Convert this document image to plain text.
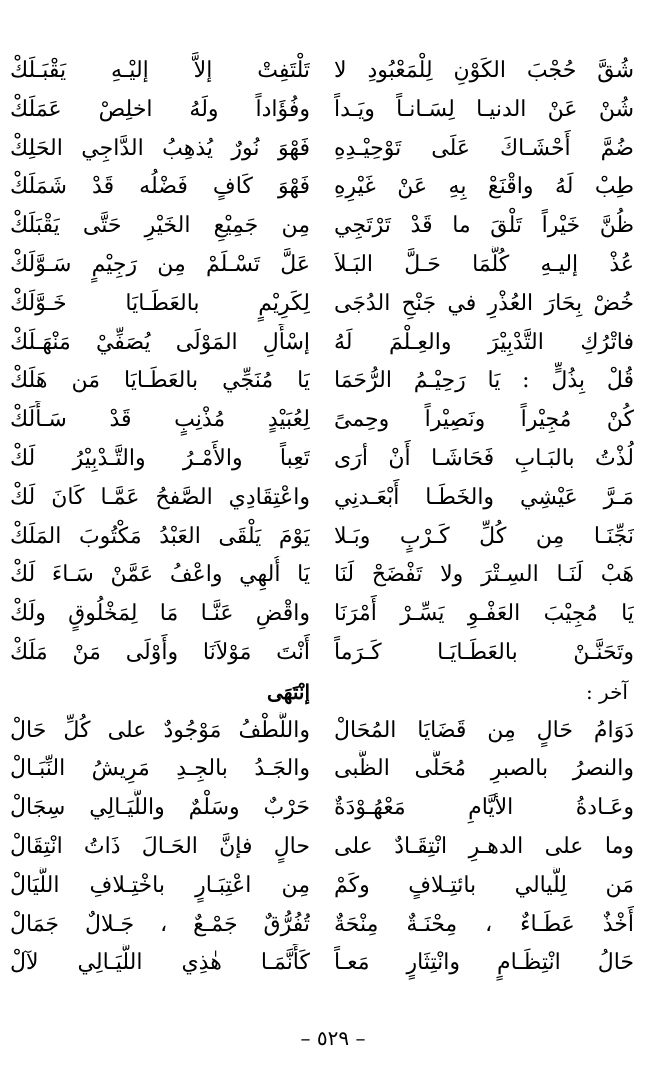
شُقَّ حُجْبَ الكَوْنِ لِلْمَعْبُودِ لا
شُنْ عَنْ الدنيـا لِسَـانـاً ويَـداً
ضُمَّ أَحْشَـاكَ عَلَى تَوْحِيْـدِهِ
طِبْ لَهُ واقْنَعْ بِهِ عَنْ غَيْرِهِ
ظُنَّ خَيْراً تَلْقَ ما قَدْ تَرْتَجِي
عُذْ إليـهِ كُلَّمَا حَـلَّ البَـلاَ
خُضْ بِحَارَ العُذْرِ في جَنْحِ الدُجَى
فاتْرُكِ التَّدْبِيْرَ والعِـلْمَ لَهُ
قُلْ بِذُلٍّ : يَا رَحِيْـمُ الرُّحَمَا
كُنْ مُجِيْراً ونَصِيْراً وحِمىً
لُذْتُ بالبَـابِ فَحَاشَـا أَنْ أرَى
مَـرَّ عَيْشِي والخَطَـا أَبْعَـدنِي
نَجِّنَـا مِن كُلِّ كَـرْبٍ وبَـلا
هَبْ لَنَـا السِـتْرَ ولا تَفْضَحْ لَنَا
يَا مُجِيْبَ العَفْـوِ يَسِّـرْ أَمْرَنَا
وتَحَنَّـنْ بالعَطَـايَـا كَـرَماً
آخر :
دَوَامُ حَالٍ مِن قَضَايَا المُحَالْ
والنصرُ بالصبرِ مُحَلَّى الظُّبى
وعَـادةُ الأيَّامِ مَعْهُـوْدَةٌ
وما على الدهـرِ انْتِقَـادٌ على
مَن لِلَّيالي بائتِـلافٍ وكَمْ
أَخْذٌ عَطَـاءٌ ، مِحْنَـةٌ مِنْحَةٌ
حَالُ انْتِظَـامٍ وانْتِثَارٍ مَعـاً
تَلْتَفِتْ إلاَّ إليْـهِ يَقْبَـلَكْ
وفُؤَاداً ولَهُ اخلِصْ عَمَلَكْ
فَهْوَ نُورٌ يُذهِبُ الدَّاجِي الحَلِكْ
فَهْوَ كَافٍ فَضْلُه قَدْ شَمَلَكْ
مِن جَمِيْعِ الخَيْرِ حَتَّى يَقْبَلَكْ
عَلَّ تَسْـلَمْ مِن رَجِيْمٍ سَـوَّلَكْ
لِكَرِيْمٍ بالعَطَـايَا خَـوَّلَكْ
إسْأَلِ المَوْلَى يُصَفِّيْ مَنْهَـلَكْ
يَا مُنَجِّي بالعَطَـايَا مَن هَلَكْ
لِعُبَيْدٍ مُذْنِبٍ قَدْ سَـأَلَكْ
تَعِباً والأَمْـرُ والتَّـدْبِيْرُ لَكْ
واعْتِقَادِي الصَّفحُ عَمَّـا كَانَ لَكْ
يَوْمَ يَلْقَى العَبْدُ مَكْتُوبَ المَلَكْ
يَا أُلهِي واعْفُ عَمَّنْ سَـاءَ لَكْ
واقْضِ عَنَّـا مَا لِمَخْلُوقٍ ولَكْ
أَنْتَ مَوْلاَنَا وأَوْلَى مَنْ مَلَكْ
إنْتَهَى
واللُّطْفُ مَوْجُودٌ على كُلِّ حَالْ
والجَـدُ بالجِـدِ مَرِيشُ النِّبَـالْ
حَرْبٌ وسَلْمٌ واللَّيَـالِي سِجَالْ
حالٍ فإنَّ الحَـالَ ذَاتُ انْتِقَالْ
مِن اعْتِبَـارٍ باخْتِـلافِ اللَّيَالْ
تُفُرُّقٌ جَمْـعٌ ، جَـلالٌ جَمَالْ
كَأَنَّمَـا هٰذِي اللَّيَـالِي لآلْ
– ٥٢٩ –
